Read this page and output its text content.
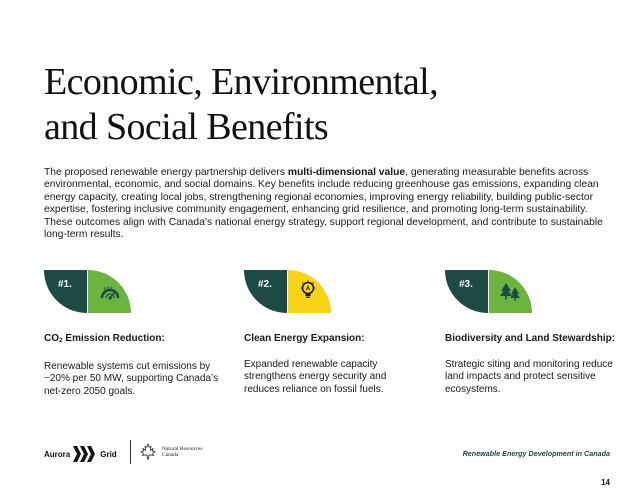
Economic, Environmental,
and Social Benefits

The proposed renewable energy partnership delivers multi-dimensional value, generating measurable benefits across environmental, economic, and social domains. Key benefits include reducing greenhouse gas emissions, expanding clean energy capacity, creating local jobs, strengthening regional economies, improving energy reliability, building public-sector expertise, fostering inclusive community engagement, enhancing grid resilience, and promoting long-term sustainability. These outcomes align with Canada’s national energy strategy, support regional development, and contribute to sustainable long-term results.

#1.
$CO_2$ Emission Reduction:

Renewable systems cut emissions by ~20% per 50 MW, supporting Canada’s net-zero 2050 goals.

#2.
Clean Energy Expansion:

Expanded renewable capacity strengthens energy security and reduces reliance on fossil fuels.

#3.
Biodiversity and Land Stewardship:

Strategic siting and monitoring reduce land impacts and protect sensitive ecosystems.

Aurora	Grid
Natural Resources
Canada	Renewable Energy Development in Canada
14
